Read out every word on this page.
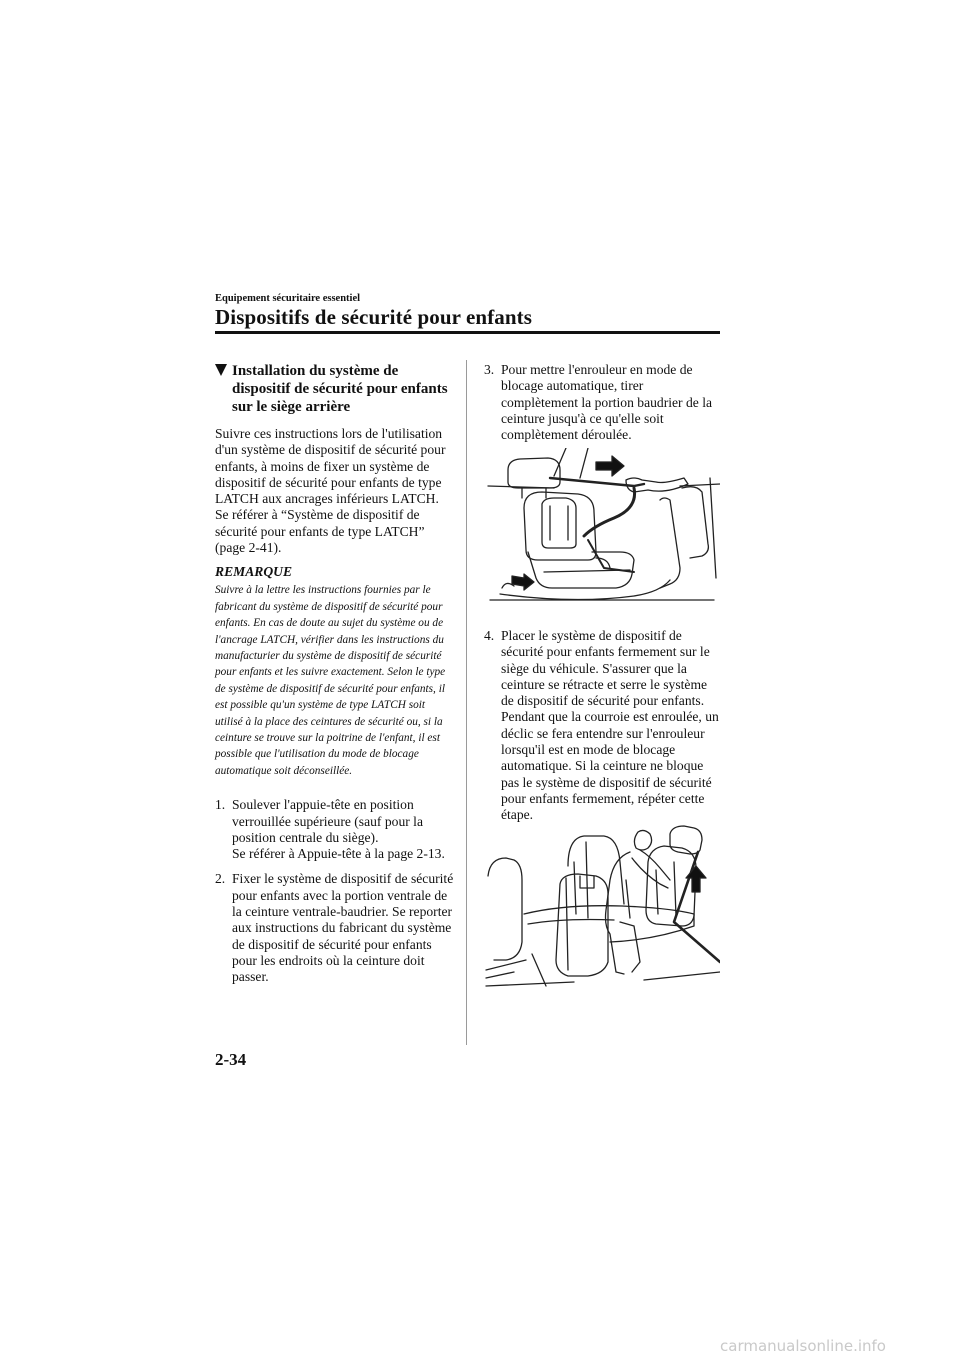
Equipement sécuritaire essentiel
Dispositifs de sécurité pour enfants
Installation du système de dispositif de sécurité pour enfants sur le siège arrière

Suivre ces instructions lors de l'utilisation d'un système de dispositif de sécurité pour enfants, à moins de fixer un système de dispositif de sécurité pour enfants de type LATCH aux ancrages inférieurs LATCH. Se référer à “Système de dispositif de sécurité pour enfants de type LATCH” (page 2-41).

REMARQUE

Suivre à la lettre les instructions fournies par le fabricant du système de dispositif de sécurité pour enfants. En cas de doute au sujet du système ou de l'ancrage LATCH, vérifier dans les instructions du manufacturier du système de dispositif de sécurité pour enfants et les suivre exactement. Selon le type de système de dispositif de sécurité pour enfants, il est possible qu'un système de type LATCH soit utilisé à la place des ceintures de sécurité ou, si la ceinture se trouve sur la poitrine de l'enfant, il est possible que l'utilisation du mode de blocage automatique soit déconseillée.

1. Soulever l'appuie-tête en position verrouillée supérieure (sauf pour la position centrale du siège).
Se référer à Appuie-tête à la page 2-13.
2. Fixer le système de dispositif de sécurité pour enfants avec la portion ventrale de la ceinture ventrale-baudrier. Se reporter aux instructions du fabricant du système de dispositif de sécurité pour enfants pour les endroits où la ceinture doit passer.
3. Pour mettre l'enrouleur en mode de blocage automatique, tirer complètement la portion baudrier de la ceinture jusqu'à ce qu'elle soit complètement déroulée.
4. Placer le système de dispositif de sécurité pour enfants fermement sur le siège du véhicule. S'assurer que la ceinture se rétracte et serre le système de dispositif de sécurité pour enfants. Pendant que la courroie est enroulée, un déclic se fera entendre sur l'enrouleur lorsqu'il est en mode de blocage automatique. Si la ceinture ne bloque pas le système de dispositif de sécurité pour enfants fermement, répéter cette étape.
2-34
carmanualsonline.info
